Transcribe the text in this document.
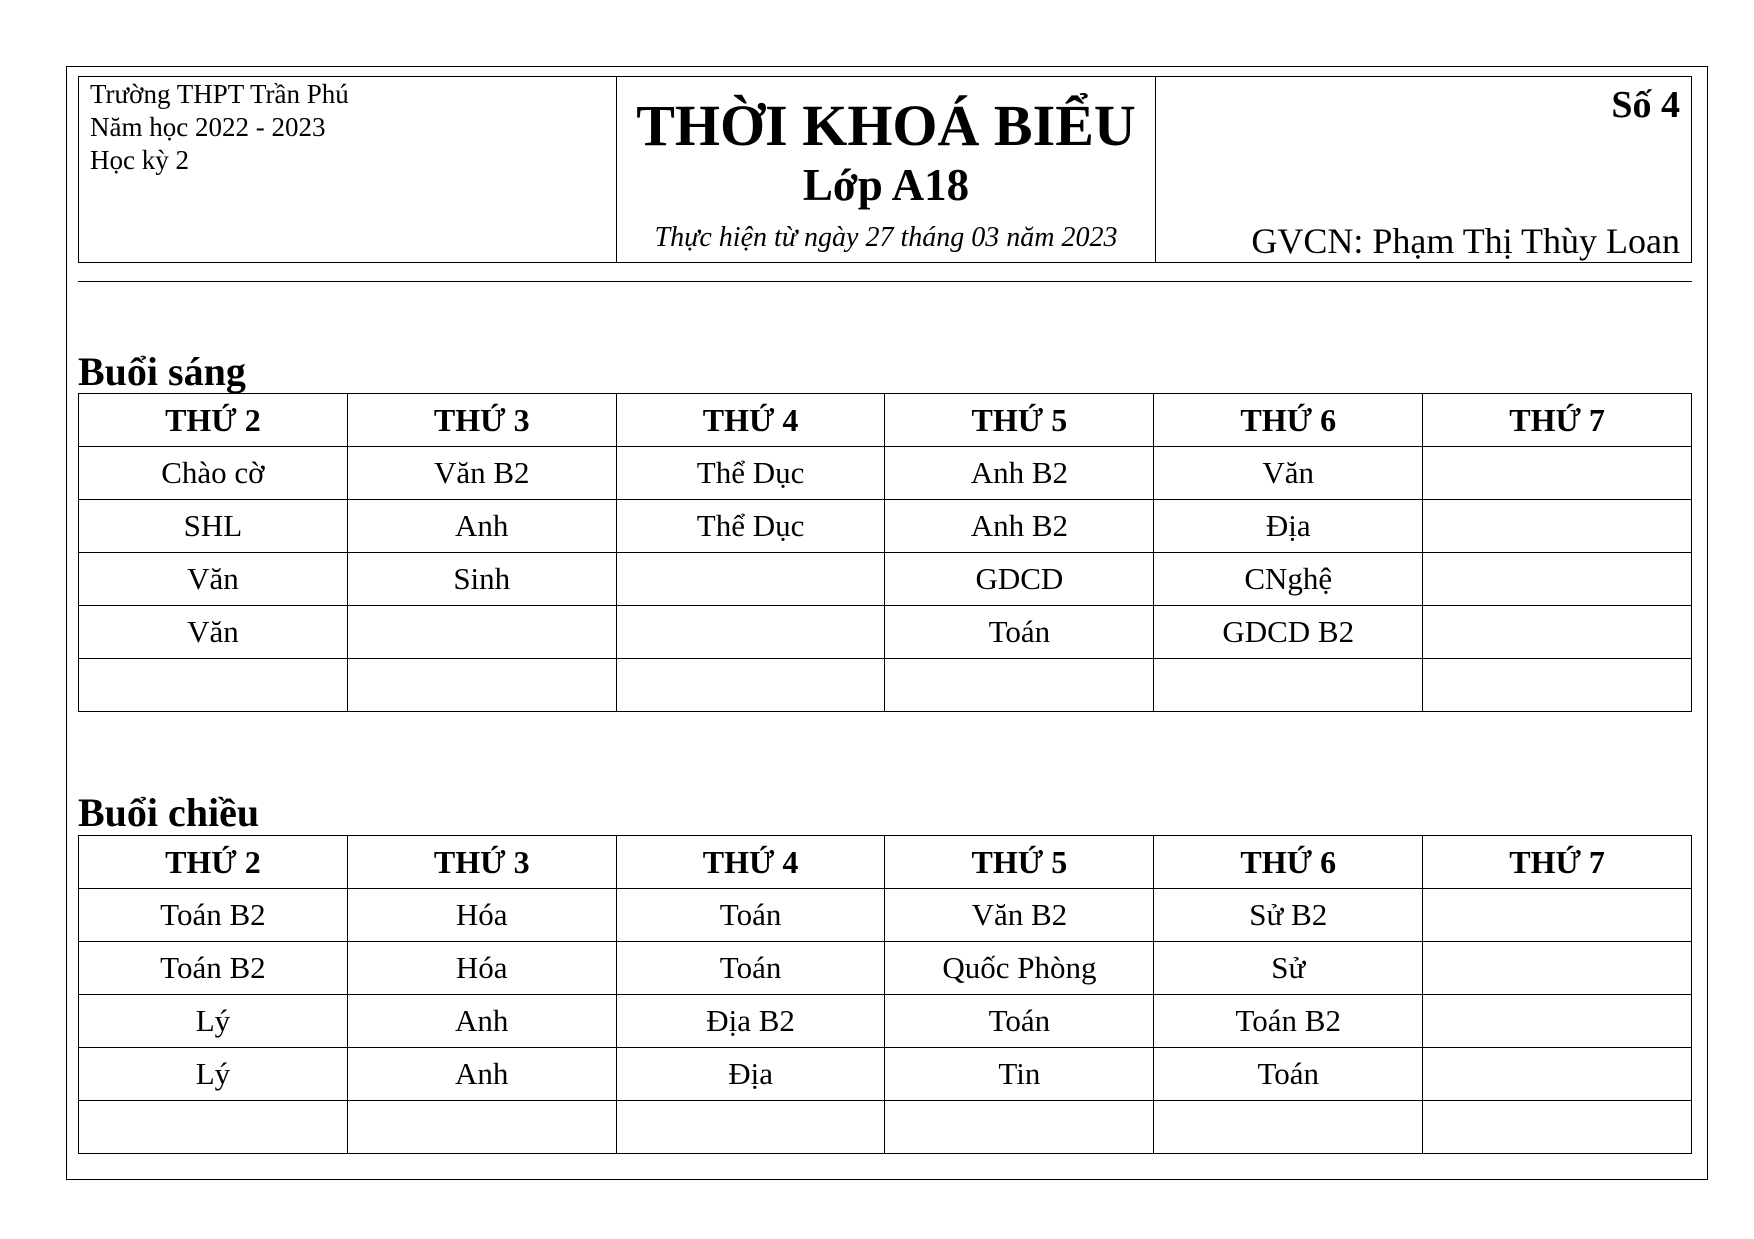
Trường THPT Trần Phú
Năm học 2022 - 2023
Học kỳ 2
THỜI KHOÁ BIỂU
Lớp A18
Thực hiện từ ngày 27 tháng 03 năm 2023
Số 4
GVCN: Phạm Thị Thùy Loan
Buổi sáng
THỨ 2	THỨ 3	THỨ 4	THỨ 5	THỨ 6	THỨ 7
Chào cờ	Văn B2	Thể Dục	Anh B2	Văn	
SHL	Anh	Thể Dục	Anh B2	Địa	
Văn	Sinh		GDCD	CNghệ	
Văn			Toán	GDCD B2	

Buổi chiều
THỨ 2	THỨ 3	THỨ 4	THỨ 5	THỨ 6	THỨ 7
Toán B2	Hóa	Toán	Văn B2	Sử B2	
Toán B2	Hóa	Toán	Quốc Phòng	Sử	
Lý	Anh	Địa B2	Toán	Toán B2	
Lý	Anh	Địa	Tin	Toán	
